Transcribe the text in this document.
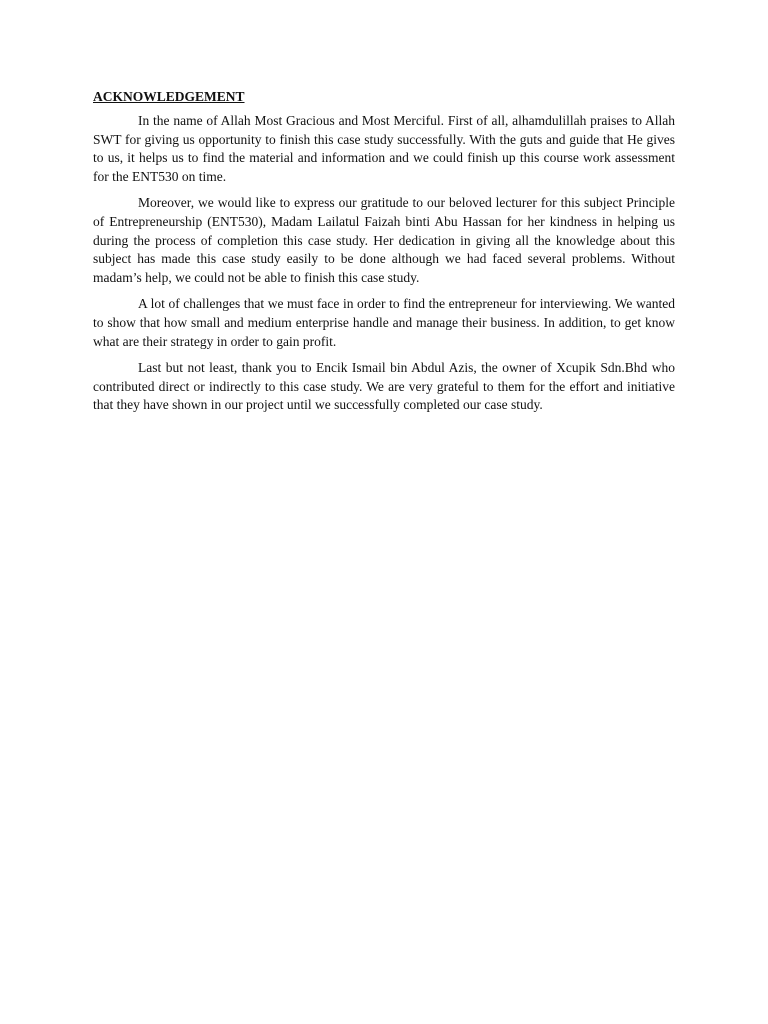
ACKNOWLEDGEMENT

In the name of Allah Most Gracious and Most Merciful. First of all, alhamdulillah praises to Allah SWT for giving us opportunity to finish this case study successfully. With the guts and guide that He gives to us, it helps us to find the material and information and we could finish up this course work assessment for the ENT530 on time.

Moreover, we would like to express our gratitude to our beloved lecturer for this subject Principle of Entrepreneurship (ENT530), Madam Lailatul Faizah binti Abu Hassan for her kindness in helping us during the process of completion this case study. Her dedication in giving all the knowledge about this subject has made this case study easily to be done although we had faced several problems. Without madam’s help, we could not be able to finish this case study.

A lot of challenges that we must face in order to find the entrepreneur for interviewing. We wanted to show that how small and medium enterprise handle and manage their business. In addition, to get know what are their strategy in order to gain profit.

Last but not least, thank you to Encik Ismail bin Abdul Azis, the owner of Xcupik Sdn.Bhd who contributed direct or indirectly to this case study. We are very grateful to them for the effort and initiative that they have shown in our project until we successfully completed our case study.
